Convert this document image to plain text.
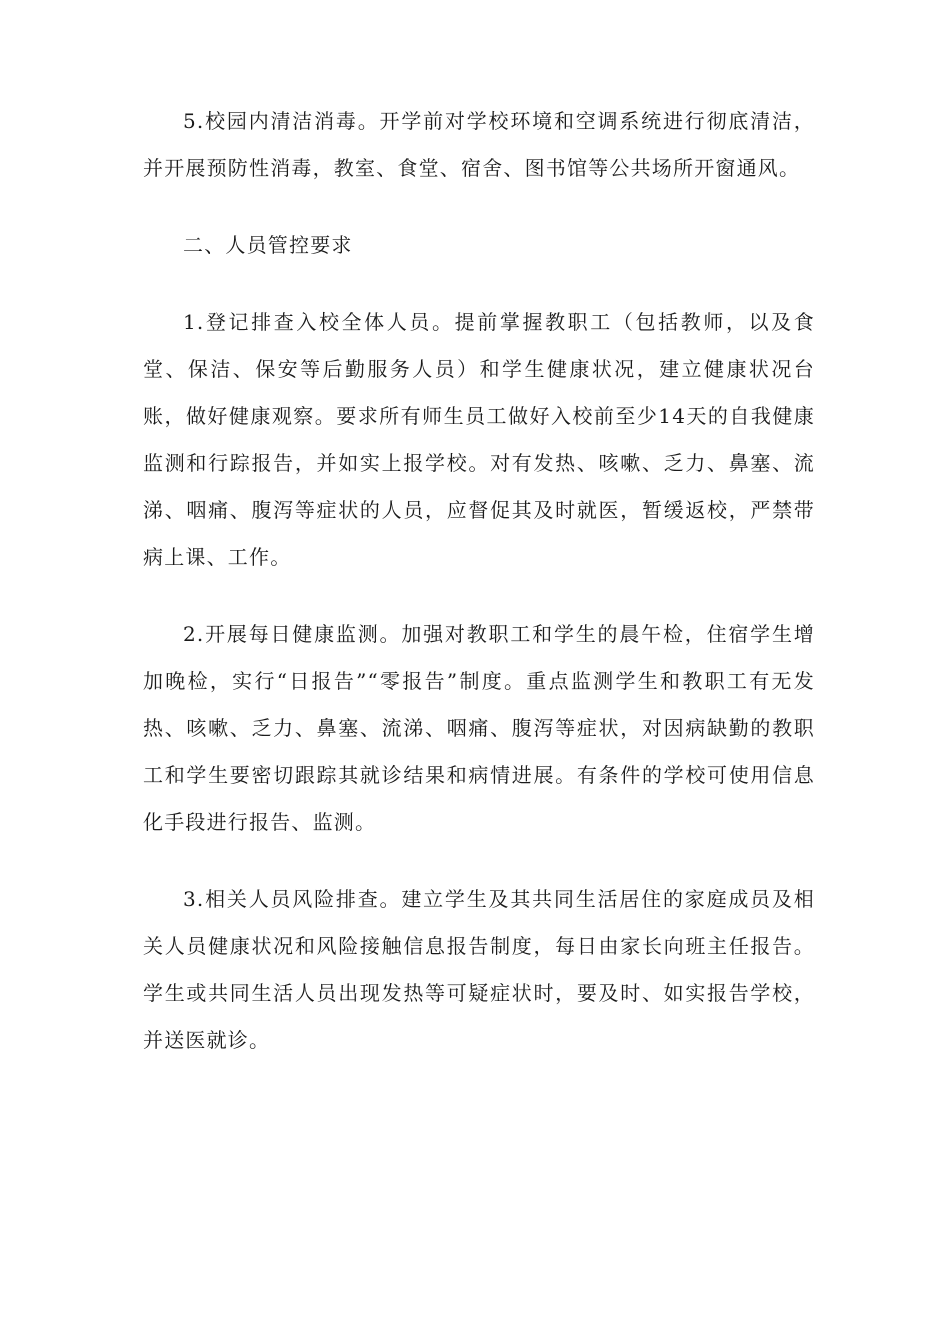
5.校园内清洁消毒。开学前对学校环境和空调系统进行彻底清洁，并开展预防性消毒，教室、食堂、宿舍、图书馆等公共场所开窗通风。

二、人员管控要求

1.登记排查入校全体人员。提前掌握教职工（包括教师，以及食堂、保洁、保安等后勤服务人员）和学生健康状况，建立健康状况台账，做好健康观察。要求所有师生员工做好入校前至少14天的自我健康监测和行踪报告，并如实上报学校。对有发热、咳嗽、乏力、鼻塞、流涕、咽痛、腹泻等症状的人员，应督促其及时就医，暂缓返校，严禁带病上课、工作。

2.开展每日健康监测。加强对教职工和学生的晨午检，住宿学生增加晚检，实行“日报告”“零报告”制度。重点监测学生和教职工有无发热、咳嗽、乏力、鼻塞、流涕、咽痛、腹泻等症状，对因病缺勤的教职工和学生要密切跟踪其就诊结果和病情进展。有条件的学校可使用信息化手段进行报告、监测。

3.相关人员风险排查。建立学生及其共同生活居住的家庭成员及相关人员健康状况和风险接触信息报告制度，每日由家长向班主任报告。学生或共同生活人员出现发热等可疑症状时，要及时、如实报告学校，并送医就诊。
